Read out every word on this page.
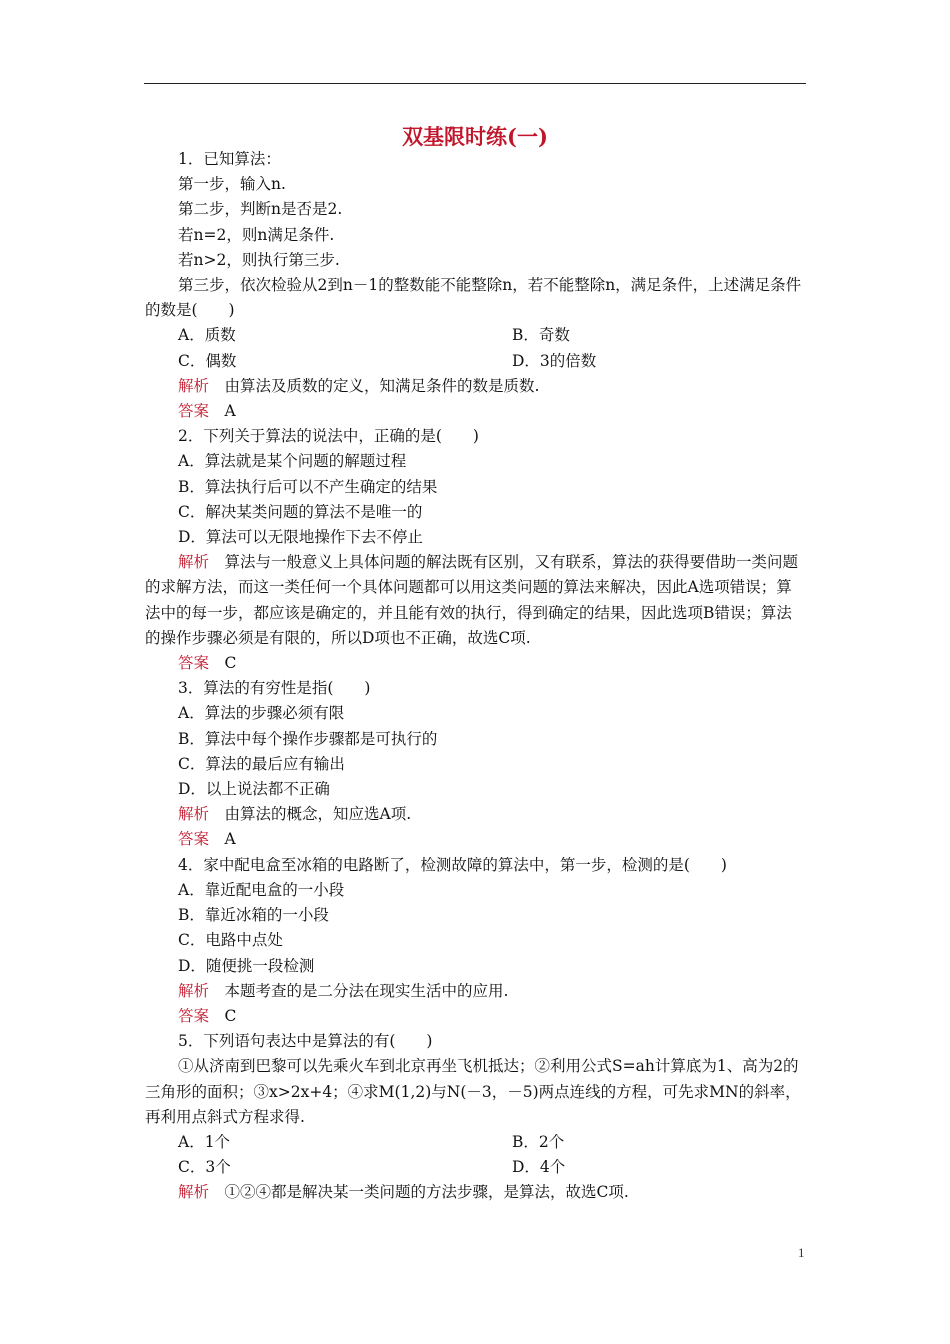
双基限时练(一)

1．已知算法：

第一步，输入n.

第二步，判断n是否是2.

若n=2，则n满足条件.

若n>2，则执行第三步.

第三步，依次检验从2到n－1的整数能不能整除n，若不能整除n，满足条件，上述满足条件的数是(　　)

A．质数	B．奇数
C．偶数	D．3的倍数

解析　 由算法及质数的定义，知满足条件的数是质数.

答案　 A

2．下列关于算法的说法中，正确的是(　　)

A．算法就是某个问题的解题过程

B．算法执行后可以不产生确定的结果

C．解决某类问题的算法不是唯一的

D．算法可以无限地操作下去不停止

解析　 算法与一般意义上具体问题的解法既有区别，又有联系，算法的获得要借助一类问题的求解方法，而这一类任何一个具体问题都可以用这类问题的算法来解决，因此A选项错误；算法中的每一步，都应该是确定的，并且能有效的执行，得到确定的结果，因此选项B错误；算法的操作步骤必须是有限的，所以D项也不正确，故选C项.

答案　 C

3．算法的有穷性是指(　　)

A．算法的步骤必须有限

B．算法中每个操作步骤都是可执行的

C．算法的最后应有输出

D．以上说法都不正确

解析　 由算法的概念，知应选A项.

答案　 A

4．家中配电盒至冰箱的电路断了，检测故障的算法中，第一步，检测的是(　　)

A．靠近配电盒的一小段

B．靠近冰箱的一小段

C．电路中点处

D．随便挑一段检测

解析　 本题考查的是二分法在现实生活中的应用.

答案　 C

5．下列语句表达中是算法的有(　　)

①从济南到巴黎可以先乘火车到北京再坐飞机抵达；②利用公式S=ah计算底为1、高为2的三角形的面积；③x>2x+4；④求M(1,2)与N(－3，－5)两点连线的方程，可先求MN的斜率，再利用点斜式方程求得.

A．1个	B．2个
C．3个	D．4个

解析　 ①②④都是解决某一类问题的方法步骤，是算法，故选C项.

1
